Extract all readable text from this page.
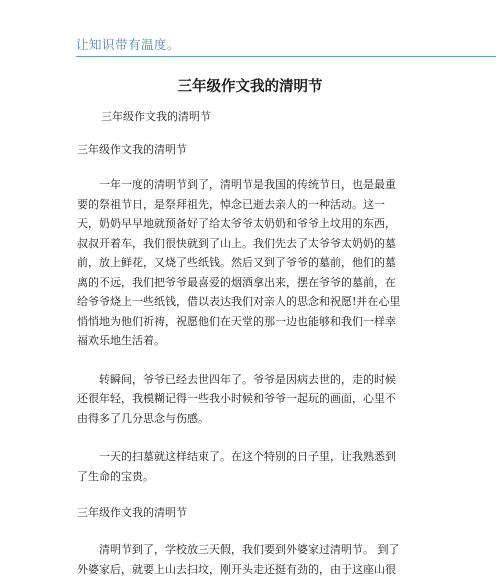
让知识带有温度。
三年级作文我的清明节
三年级作文我的清明节
三年级作文我的清明节
　　一年一度的清明节到了，清明节是我国的传统节日，也是最重
要的祭祖节日，是祭拜祖先，悼念已逝去亲人的一种活动。这一
天，奶奶早早地就预备好了给太爷爷太奶奶和爷爷上坟用的东西，
叔叔开着车，我们很快就到了山上。我们先去了太爷爷太奶奶的墓
前，放上鲜花，又烧了些纸钱。然后又到了爷爷的墓前，他们的墓
离的不远，我们把爷爷最喜爱的烟酒拿出来，摆在爷爷的墓前，在
给爷爷烧上一些纸钱，借以表达我们对亲人的思念和祝愿!并在心里
悄悄地为他们祈祷，祝愿他们在天堂的那一边也能够和我们一样幸
福欢乐地生活着。
　　转瞬间，爷爷已经去世四年了。爷爷是因病去世的，走的时候
还很年轻，我模糊记得一些我小时候和爷爷一起玩的画面，心里不
由得多了几分思念与伤感。
　　一天的扫墓就这样结束了。在这个特别的日子里，让我熟悉到
了生命的宝贵。
三年级作文我的清明节
　　清明节到了，学校放三天假，我们要到外婆家过清明节。 到了
外婆家后，就要上山去扫坟，刚开头走还挺有劲的，由于这座山很
